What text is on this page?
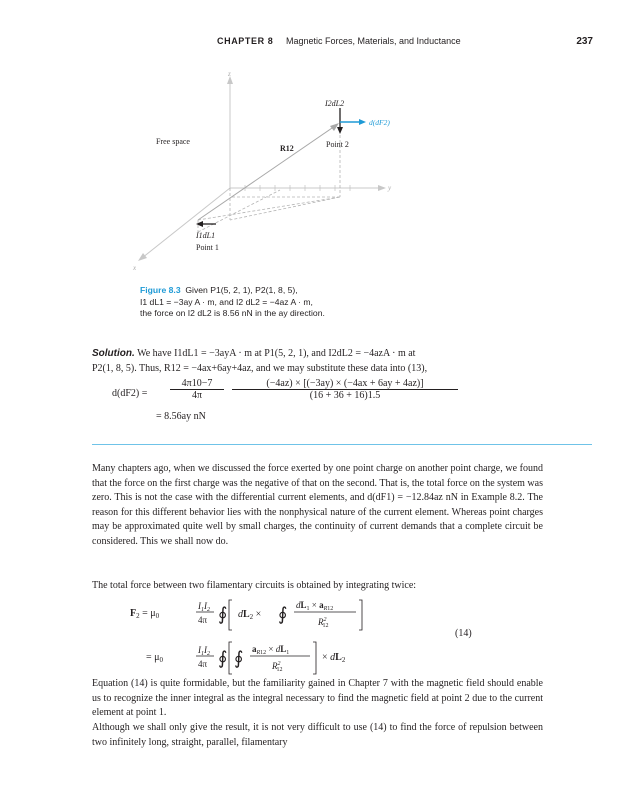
CHAPTER 8 Magnetic Forces, Materials, and Inductance	237
z
y
x
I2dL2
d(dF2)
Point 2
Free space
R12
I1dL1
Point 1
Figure 8.3 Given P1(5, 2, 1), P2(1, 8, 5),
I1 dL1 = −3ay A · m, and I2 dL2 = −4az A · m,
the force on I2 dL2 is 8.56 nN in the ay direction.
Solution. We have I1dL1 = −3ayA · m at P1(5, 2, 1), and I2dL2 = −4azA · m at
P2(1, 8, 5). Thus, R12 = −4ax+6ay+4az, and we may substitute these data into (13),
$d(dF2) = \frac{4\pi 10-7}{4\pi} \frac{(-4az) \times [(-3ay) \times (-4ax + 6ay + 4az)]}{(16 + 36 + 16)1.5}$
= 8.56ay nN

Many chapters ago, when we discussed the force exerted by one point charge on another point charge, we found that the force on the first charge was the negative of that on the second. That is, the total force on the system was zero. This is not the case with the differential current elements, and d(dF1) = −12.84az nN in Example 8.2. The reason for this different behavior lies with the nonphysical nature of the current element. Whereas point charges may be approximated quite well by small charges, the continuity of current demands that a complete circuit be considered. This we shall now do.

The total force between two filamentary circuits is obtained by integrating twice:

$F_2 = \mu_0$
$I_1I_2$
4π ∮ $dL_2$ × ∮ $dL_1 \times a_R12$
$R^2$ 12
= $\mu_0$
$I_1I_2$
4π ∮ ∮ $a_R12 \times dL_1$
$R^2$ 12
× $dL_2$
(14)

Equation (14) is quite formidable, but the familiarity gained in Chapter 7 with the magnetic field should enable us to recognize the inner integral as the integral necessary to find the magnetic field at point 2 due to the current element at point 1.

Although we shall only give the result, it is not very difficult to use (14) to find the force of repulsion between two infinitely long, straight, parallel, filamentary
